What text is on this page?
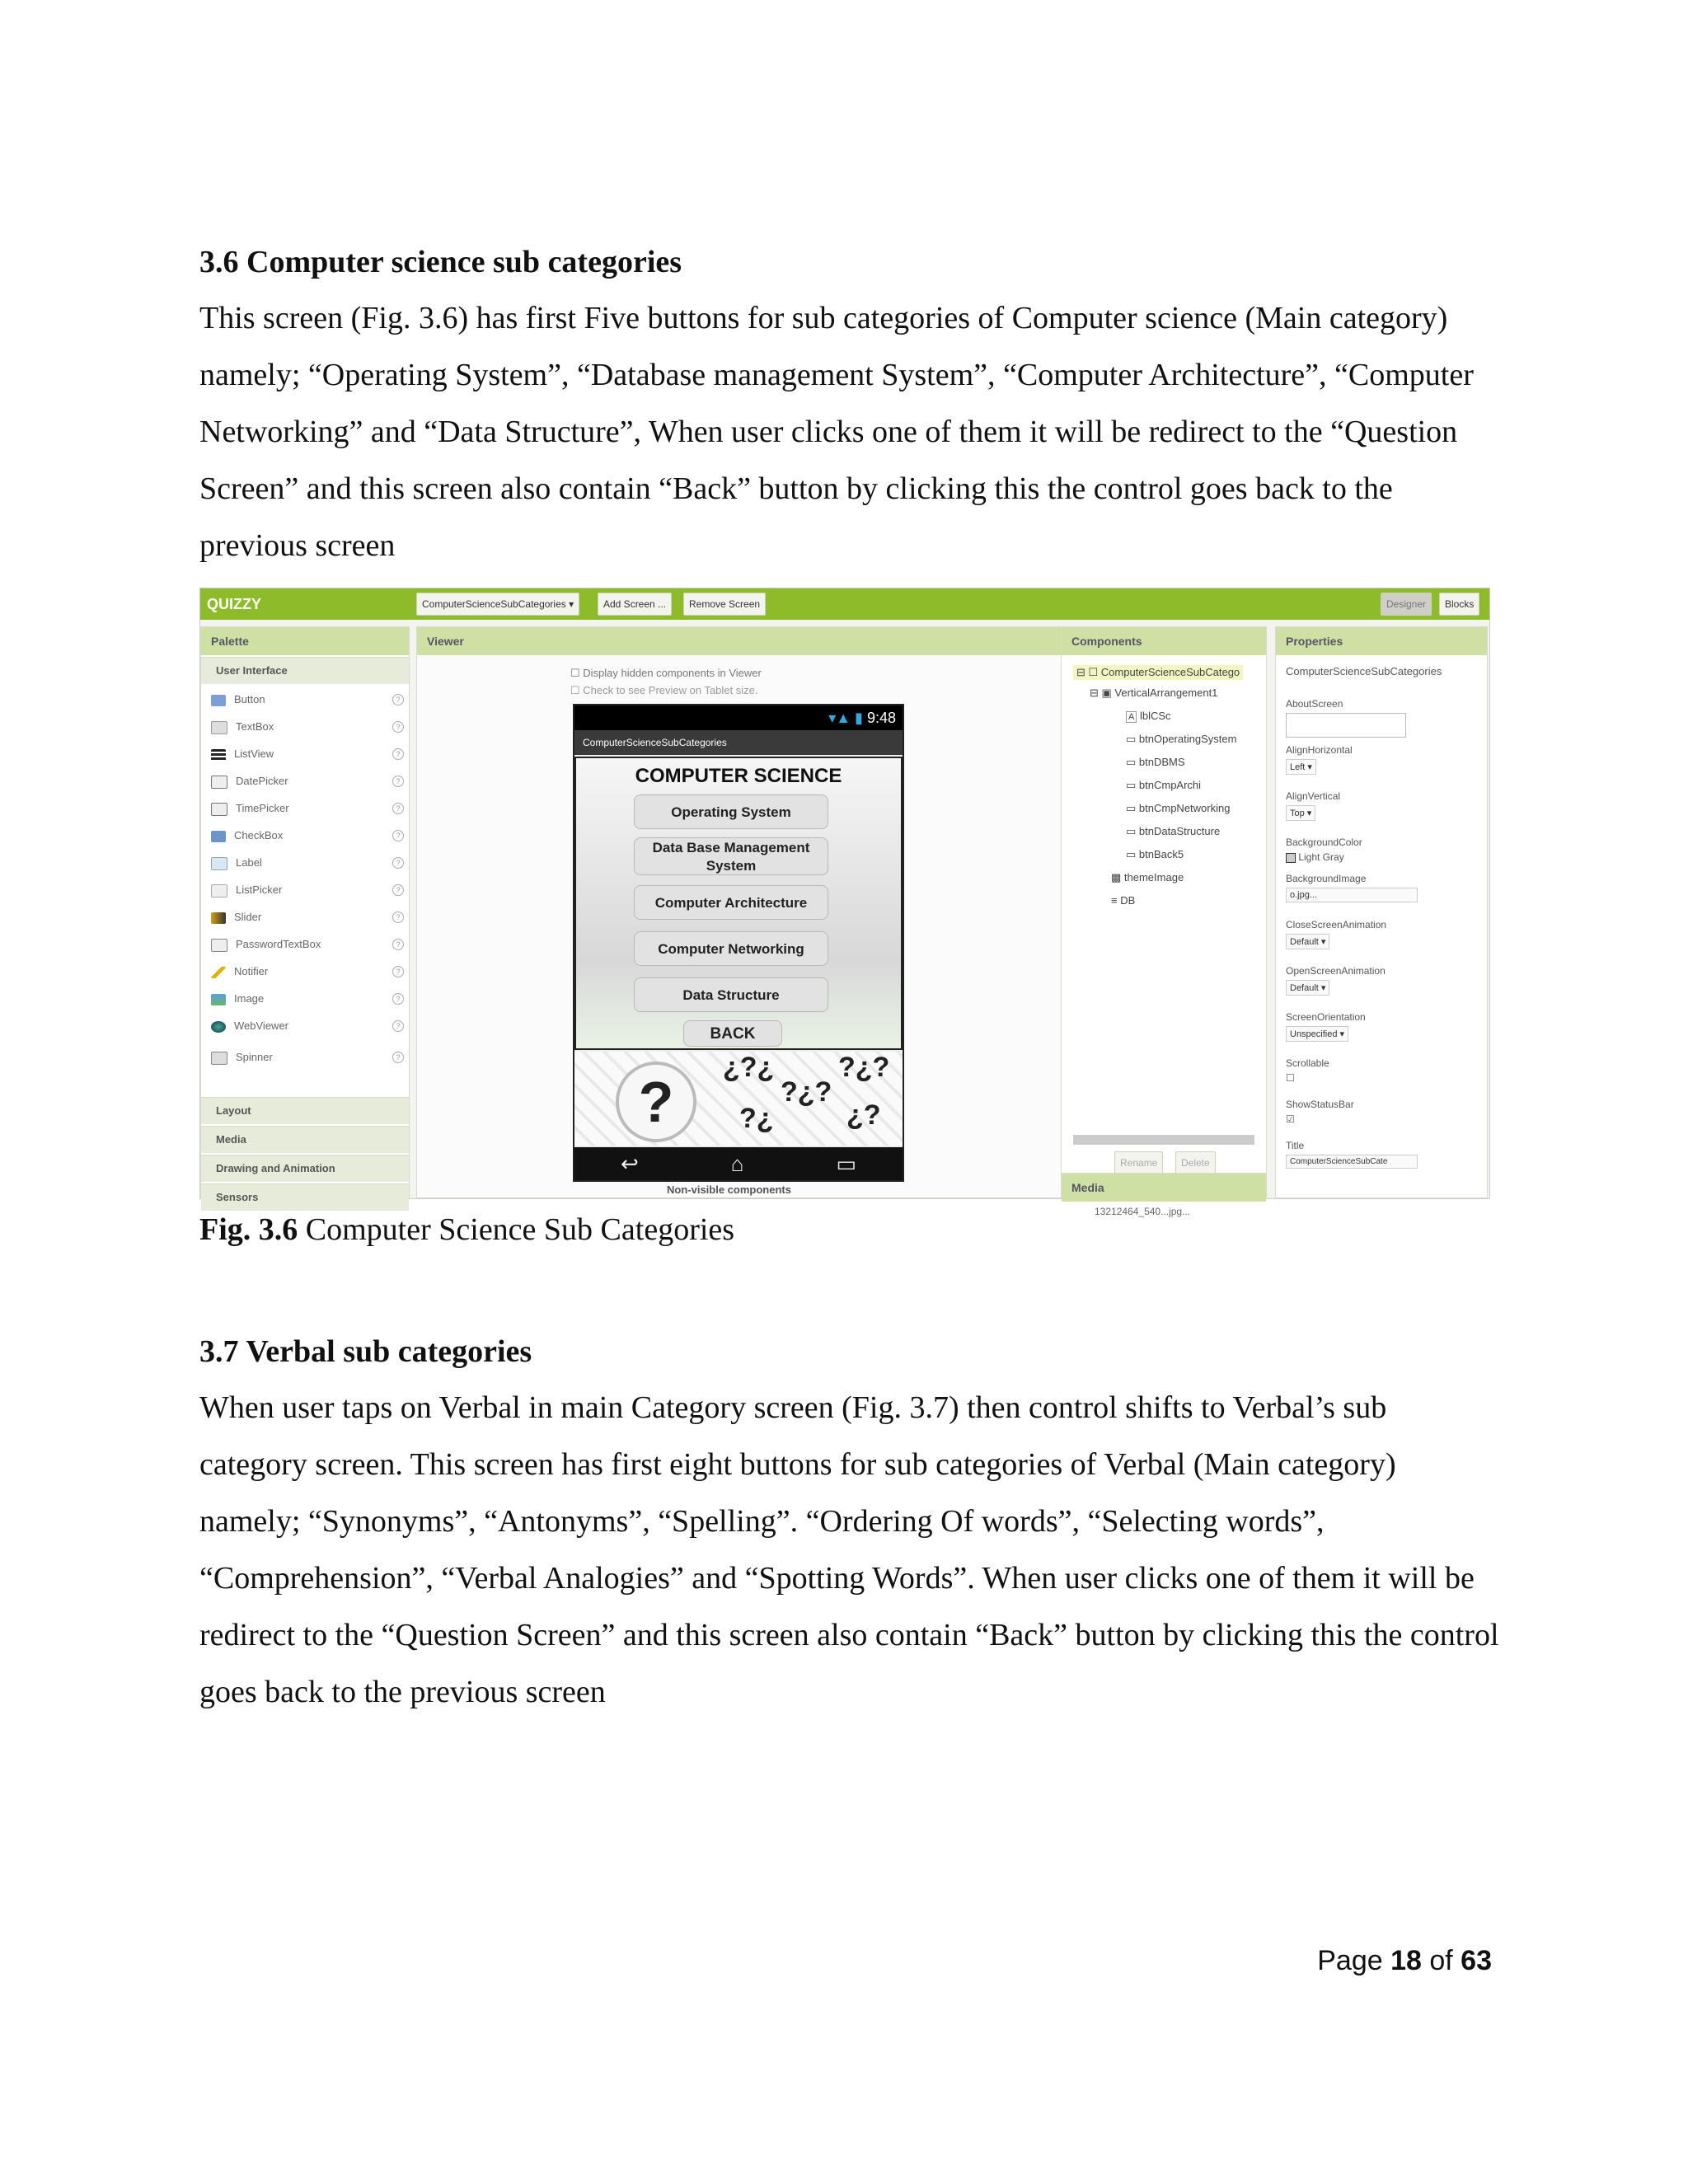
3.6 Computer science sub categories

This screen (Fig. 3.6) has first Five buttons for sub categories of Computer science (Main category) namely; “Operating System”, “Database management System”, “Computer Architecture”, “Computer Networking” and “Data Structure”, When user clicks one of them it will be redirect to the “Question Screen” and this screen also contain “Back” button by clicking this the control goes back to the previous screen

QUIZZY	ComputerScienceSubCategories ▾	Add Screen ...	Remove Screen	Designer	Blocks
Palette
User Interface
Button	?
TextBox	?
ListView	?
DatePicker	?
TimePicker	?
CheckBox	?
Label	?
ListPicker	?
Slider	?
PasswordTextBox	?
Notifier	?
Image	?
WebViewer	?
Spinner	?
Layout
Media
Drawing and Animation
Sensors
Viewer
☐ Display hidden components in Viewer
☐ Check to see Preview on Tablet size.
▾▲ ▮ 9:48
ComputerScienceSubCategories
COMPUTER SCIENCE
Operating System
Data Base Management System
Computer Architecture
Computer Networking
Data Structure
BACK
?
¿?¿
?¿?
?¿?
¿?
?¿
↩	⌂	▭
Non-visible components
Components
⊟ ☐ ComputerScienceSubCatego
⊟ ▣ VerticalArrangement1
A lblCSc
▭ btnOperatingSystem
▭ btnDBMS
▭ btnCmpArchi
▭ btnCmpNetworking
▭ btnDataStructure
▭ btnBack5
▩ themeImage
≡ DB
Rename	Delete
Media
13212464_540...jpg...
Properties
ComputerScienceSubCategories
AboutScreen
AlignHorizontal
Left ▾
AlignVertical
Top ▾
BackgroundColor
Light Gray
BackgroundImage
o.jpg...
CloseScreenAnimation
Default ▾
OpenScreenAnimation
Default ▾
ScreenOrientation
Unspecified ▾
Scrollable
☐
ShowStatusBar
☑
Title
ComputerScienceSubCate

Fig. 3.6 Computer Science Sub Categories

3.7 Verbal sub categories

When user taps on Verbal in main Category screen (Fig. 3.7) then control shifts to Verbal’s sub category screen. This screen has first eight buttons for sub categories of Verbal (Main category) namely; “Synonyms”, “Antonyms”, “Spelling”. “Ordering Of words”, “Selecting words”, “Comprehension”, “Verbal Analogies” and “Spotting Words”. When user clicks one of them it will be redirect to the “Question Screen” and this screen also contain “Back” button by clicking this the control goes back to the previous screen

Page 18 of 63
